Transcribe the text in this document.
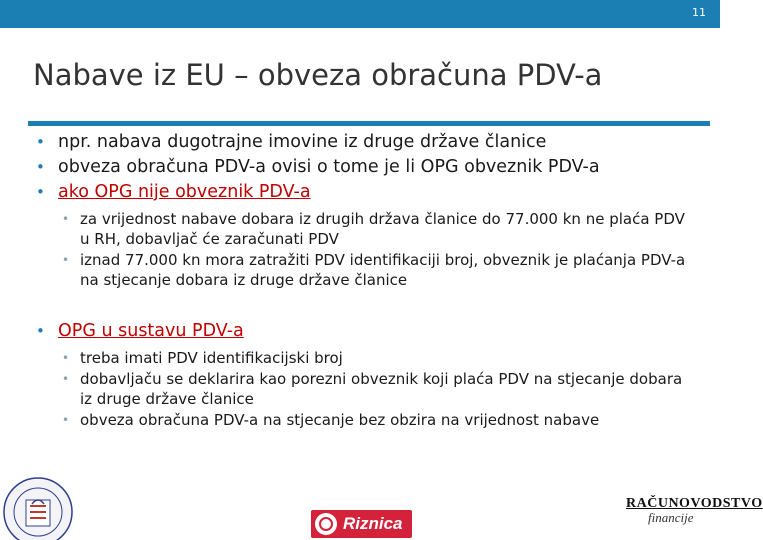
11
Nabave iz EU – obveza obračuna PDV-a
• npr. nabava dugotrajne imovine iz druge države članice
• obveza obračuna PDV-a ovisi o tome je li OPG obveznik PDV-a
• ako OPG nije obveznik PDV-a
• za vrijednost nabave dobara iz drugih država članice do 77.000 kn ne plaća PDV u RH, dobavljač će zaračunati PDV
• iznad 77.000 kn mora zatražiti PDV identifikaciji broj, obveznik je plaćanja PDV-a na stjecanje dobara iz druge države članice
• OPG u sustavu PDV-a
• treba imati PDV identifikacijski broj
• dobavljaču se deklarira kao porezni obveznik koji plaća PDV na stjecanje dobara iz druge države članice
• obveza obračuna PDV-a na stjecanje bez obzira na vrijednost nabave
Riznica
RAČUNOVODSTVO
financije
